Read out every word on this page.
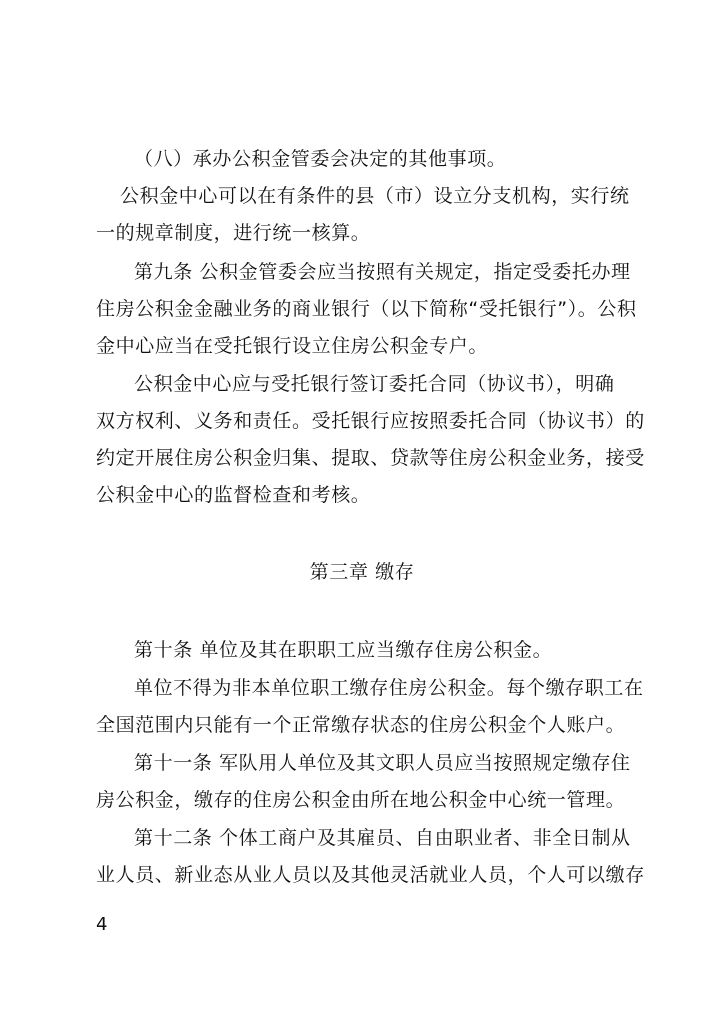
（八）承办公积金管委会决定的其他事项。
公积金中心可以在有条件的县（市）设立分支机构，实行统
一的规章制度，进行统一核算。
第九条 公积金管委会应当按照有关规定，指定受委托办理
住房公积金金融业务的商业银行（以下简称“受托银行”）。公积
金中心应当在受托银行设立住房公积金专户。
公积金中心应与受托银行签订委托合同（协议书），明确
双方权利、义务和责任。受托银行应按照委托合同（协议书）的
约定开展住房公积金归集、提取、贷款等住房公积金业务，接受
公积金中心的监督检查和考核。
第三章 缴存
第十条 单位及其在职职工应当缴存住房公积金。
单位不得为非本单位职工缴存住房公积金。每个缴存职工在
全国范围内只能有一个正常缴存状态的住房公积金个人账户。
第十一条 军队用人单位及其文职人员应当按照规定缴存住
房公积金，缴存的住房公积金由所在地公积金中心统一管理。
第十二条 个体工商户及其雇员、自由职业者、非全日制从
业人员、新业态从业人员以及其他灵活就业人员，个人可以缴存
4
